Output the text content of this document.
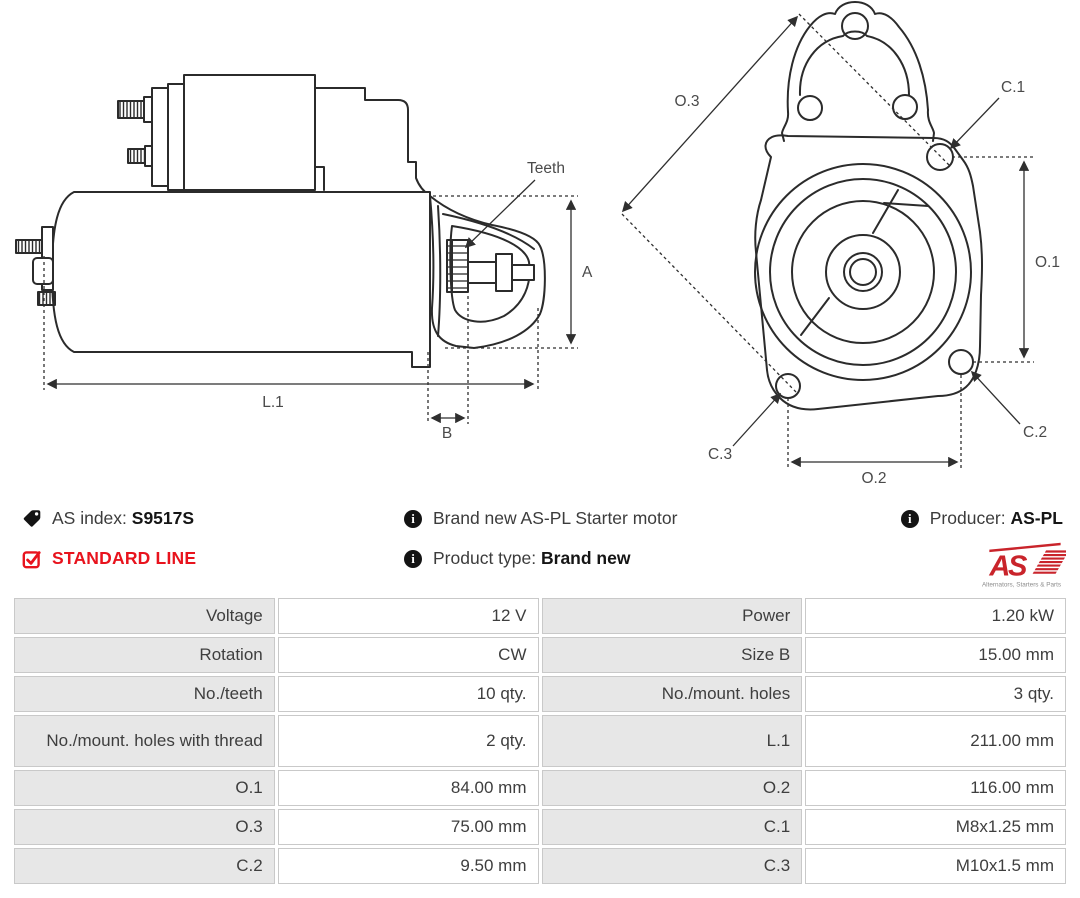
Teeth
A
L.1
B
O.3
C.1
O.1
C.2
C.3
O.2
AS index: S9517S
STANDARD LINE
i	Brand new AS-PL Starter motor
i	Product type: Brand new
i	Producer: AS-PL
AS
Alternators, Starters & Parts
Voltage	12 V	Power	1.20 kW
Rotation	CW	Size B	15.00 mm
No./teeth	10 qty.	No./mount. holes	3 qty.
No./mount. holes with thread	2 qty.	L.1	211.00 mm
O.1	84.00 mm	O.2	116.00 mm
O.3	75.00 mm	C.1	M8x1.25 mm
C.2	9.50 mm	C.3	M10x1.5 mm
